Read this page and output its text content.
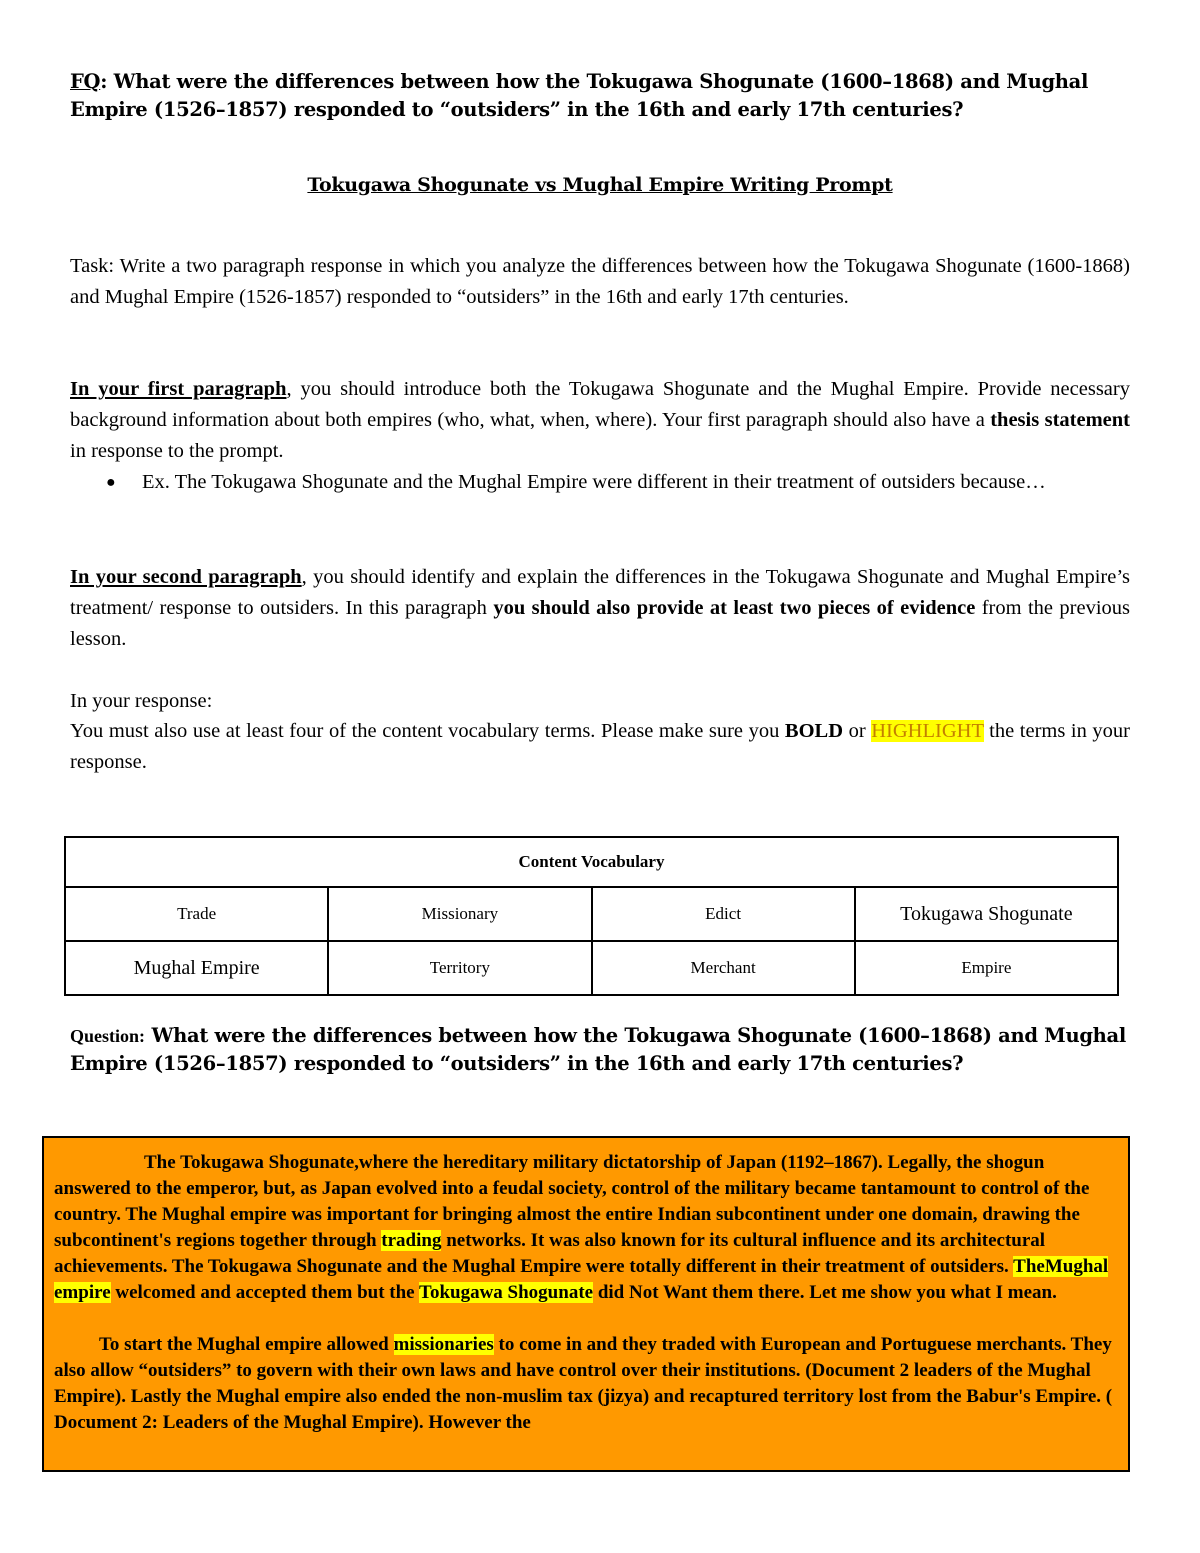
FQ: What were the differences between how the Tokugawa Shogunate (1600–1868) and Mughal Empire (1526–1857) responded to “outsiders” in the 16th and early 17th centuries?
Tokugawa Shogunate vs Mughal Empire Writing Prompt
Task: Write a two paragraph response in which you analyze the differences between how the Tokugawa Shogunate (1600-1868) and Mughal Empire (1526-1857) responded to “outsiders” in the 16th and early 17th centuries.
In your first paragraph, you should introduce both the Tokugawa Shogunate and the Mughal Empire. Provide necessary background information about both empires (who, what, when, where). Your first paragraph should also have a thesis statement in response to the prompt.
● Ex. The Tokugawa Shogunate and the Mughal Empire were different in their treatment of outsiders because…
In your second paragraph, you should identify and explain the differences in the Tokugawa Shogunate and Mughal Empire’s treatment/ response to outsiders. In this paragraph you should also provide at least two pieces of evidence from the previous lesson.
In your response:
You must also use at least four of the content vocabulary terms. Please make sure you BOLD or HIGHLIGHT the terms in your response.
Content Vocabulary			
Trade	Missionary	Edict	Tokugawa Shogunate
Mughal Empire	Territory	Merchant	Empire
Question: What were the differences between how the Tokugawa Shogunate (1600–1868) and Mughal Empire (1526–1857) responded to “outsiders” in the 16th and early 17th centuries?

The Tokugawa Shogunate,where the hereditary military dictatorship of Japan (1192–1867). Legally, the shogun answered to the emperor, but, as Japan evolved into a feudal society, control of the military became tantamount to control of the country. The Mughal empire was important for bringing almost the entire Indian subcontinent under one domain, drawing the subcontinent's regions together through trading networks. It was also known for its cultural influence and its architectural achievements. The Tokugawa Shogunate and the Mughal Empire were totally different in their treatment of outsiders. TheMughal empire welcomed and accepted them but the Tokugawa Shogunate did Not Want them there. Let me show you what I mean.

To start the Mughal empire allowed missionaries to come in and they traded with European and Portuguese merchants. They also allow “outsiders” to govern with their own laws and have control over their institutions. (Document 2 leaders of the Mughal Empire). Lastly the Mughal empire also ended the non-muslim tax (jizya) and recaptured territory lost from the Babur's Empire. ( Document 2: Leaders of the Mughal Empire). However the
